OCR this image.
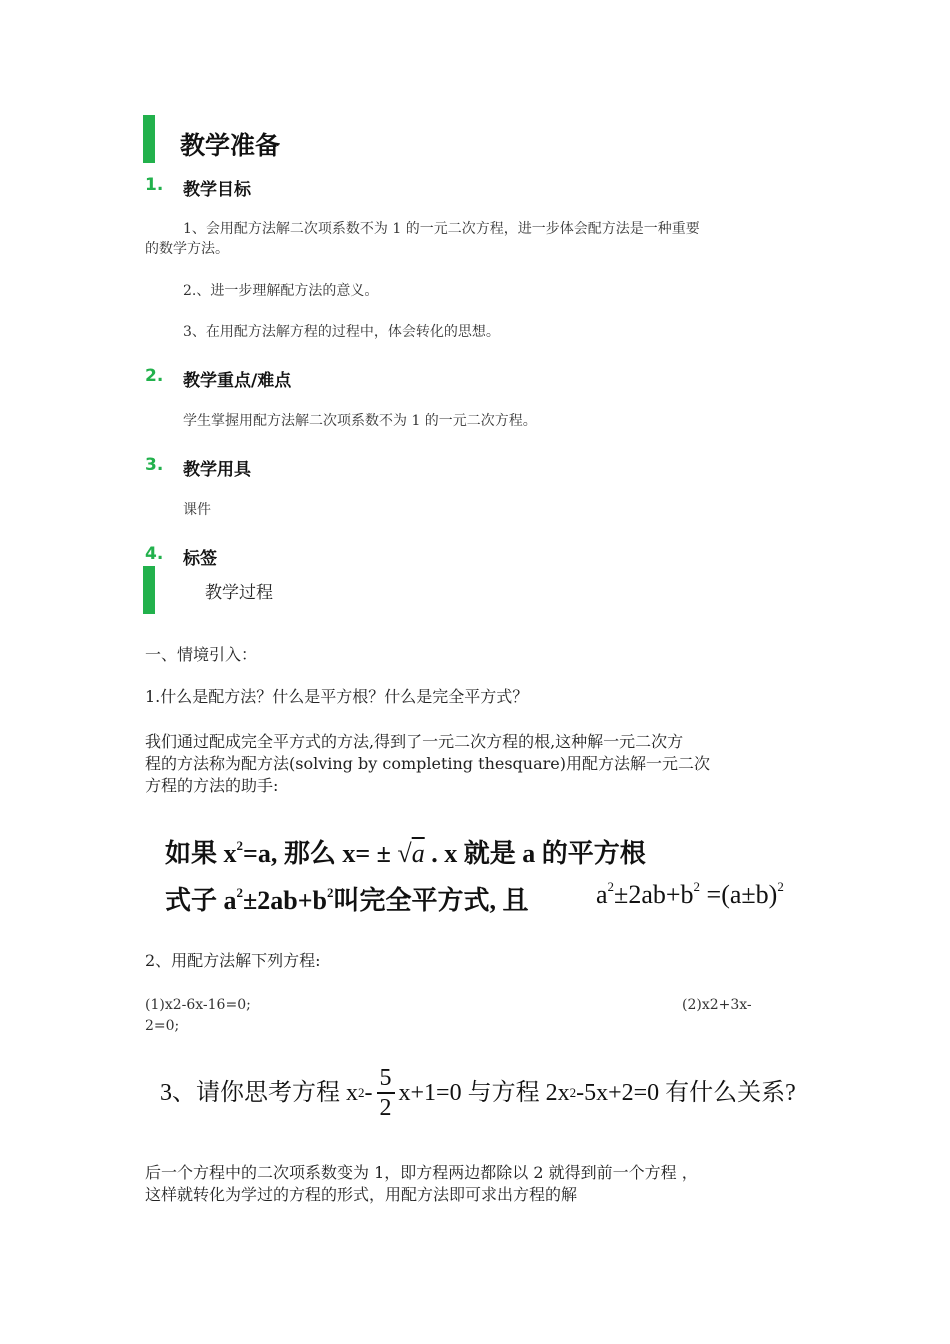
教学准备
1. 教学目标
1、会用配方法解二次项系数不为 1 的一元二次方程，进一步体会配方法是一种重要
的数学方法。
2.、进一步理解配方法的意义。
3、在用配方法解方程的过程中，体会转化的思想。
2. 教学重点/难点
学生掌握用配方法解二次项系数不为 1 的一元二次方程。
3. 教学用具
课件
4. 标签
教学过程
一、情境引入：
1.什么是配方法？什么是平方根？什么是完全平方式？
我们通过配成完全平方式的方法,得到了一元二次方程的根,这种解一元二次方
程的方法称为配方法(solving by completing thesquare)用配方法解一元二次
方程的方法的助手:
如果 $x^2=a$, 那么 x= ± √a . x 就是 a 的平方根
式子 $a^2\pm 2ab+b^2$叫完全平方式, 且	$a^2\pm 2ab+b^2 =(a\pm b)^2$
2、用配方法解下列方程:
(1)x2-6x-16=0;	(2)x2+3x-
2=0;
3、请你思考方程 x $2 - \frac{5}{2} x+1=0$ 与方程 2x 2 -5x+2=0 有什么关系?
后一个方程中的二次项系数变为 1，即方程两边都除以 2 就得到前一个方程 ，
这样就转化为学过的方程的形式，用配方法即可求出方程的解
